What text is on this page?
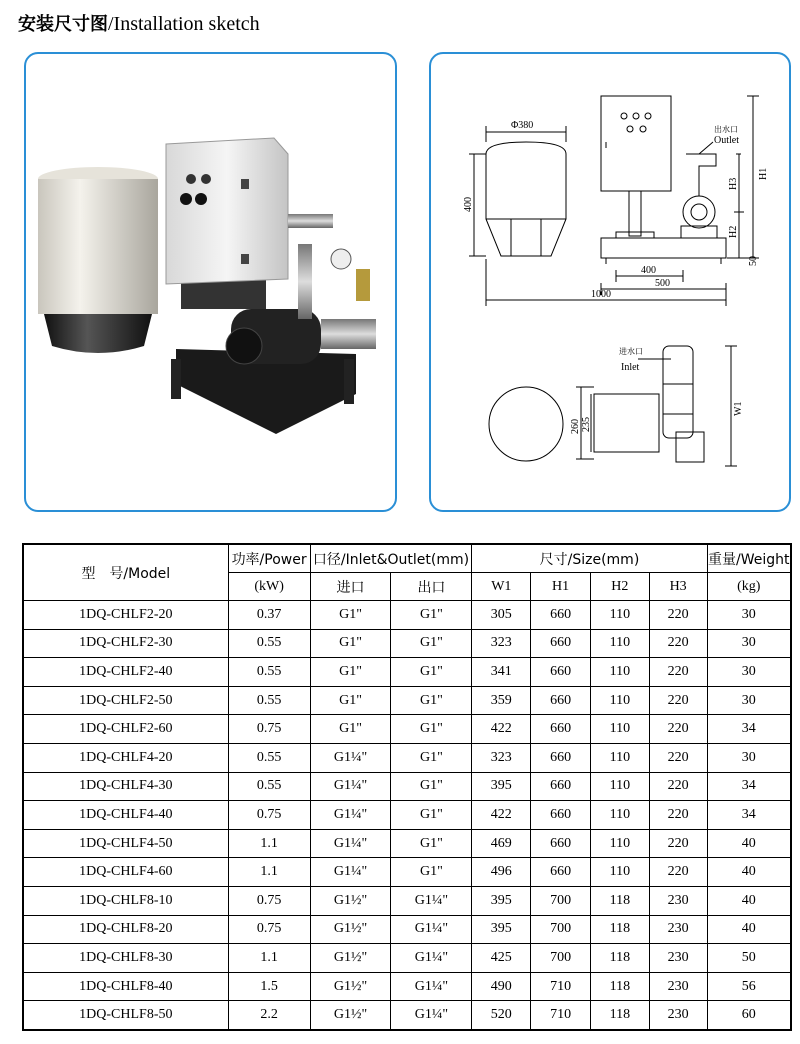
安装尺寸图/Installation sketch
Φ380
400
出水口
Outlet
H1
H3
H2
50
400
500
1000
进水口
Inlet
260 235
W1
型　号/Model	功率/Power	口径/Inlet&Outlet(mm)		尺寸/Size(mm)				重量/Weight
	(kW)	进口	出口	W1	H1	H2	H3	(kg)
1DQ-CHLF2-20	0.37	G1"	G1"	305	660	110	220	30
1DQ-CHLF2-30	0.55	G1"	G1"	323	660	110	220	30
1DQ-CHLF2-40	0.55	G1"	G1"	341	660	110	220	30
1DQ-CHLF2-50	0.55	G1"	G1"	359	660	110	220	30
1DQ-CHLF2-60	0.75	G1"	G1"	422	660	110	220	34
1DQ-CHLF4-20	0.55	G1¼"	G1"	323	660	110	220	30
1DQ-CHLF4-30	0.55	G1¼"	G1"	395	660	110	220	34
1DQ-CHLF4-40	0.75	G1¼"	G1"	422	660	110	220	34
1DQ-CHLF4-50	1.1	G1¼"	G1"	469	660	110	220	40
1DQ-CHLF4-60	1.1	G1¼"	G1"	496	660	110	220	40
1DQ-CHLF8-10	0.75	G1½"	G1¼"	395	700	118	230	40
1DQ-CHLF8-20	0.75	G1½"	G1¼"	395	700	118	230	40
1DQ-CHLF8-30	1.1	G1½"	G1¼"	425	700	118	230	50
1DQ-CHLF8-40	1.5	G1½"	G1¼"	490	710	118	230	56
1DQ-CHLF8-50	2.2	G1½"	G1¼"	520	710	118	230	60
